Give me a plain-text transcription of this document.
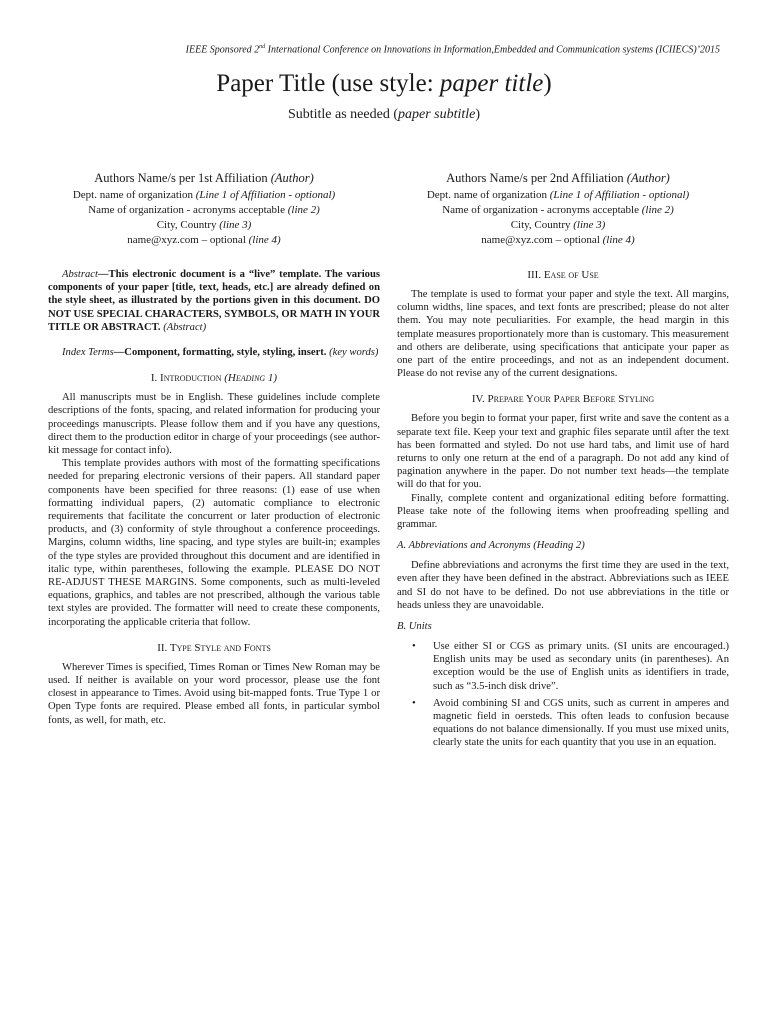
IEEE Sponsored 2nd International Conference on Innovations in Information,Embedded and Communication systems (ICIIECS)’2015
Paper Title (use style: paper title)
Subtitle as needed (paper subtitle)
Authors Name/s per 1st Affiliation (Author)
Dept. name of organization (Line 1 of Affiliation - optional)
Name of organization - acronyms acceptable (line 2)
City, Country (line 3)
name@xyz.com – optional (line 4)
Authors Name/s per 2nd Affiliation (Author)
Dept. name of organization (Line 1 of Affiliation - optional)
Name of organization - acronyms acceptable (line 2)
City, Country (line 3)
name@xyz.com – optional (line 4)

Abstract—This electronic document is a “live” template. The various components of your paper [title, text, heads, etc.] are already defined on the style sheet, as illustrated by the portions given in this document. DO NOT USE SPECIAL CHARACTERS, SYMBOLS, OR MATH IN YOUR TITLE OR ABSTRACT. (Abstract)

Index Terms—Component, formatting, style, styling, insert. (key words)

I. Introduction (Heading 1)

All manuscripts must be in English. These guidelines include complete descriptions of the fonts, spacing, and related information for producing your proceedings manuscripts. Please follow them and if you have any questions, direct them to the production editor in charge of your proceedings (see author-kit message for contact info).

This template provides authors with most of the formatting specifications needed for preparing electronic versions of their papers. All standard paper components have been specified for three reasons: (1) ease of use when formatting individual papers, (2) automatic compliance to electronic requirements that facilitate the concurrent or later production of electronic products, and (3) conformity of style throughout a conference proceedings. Margins, column widths, line spacing, and type styles are built-in; examples of the type styles are provided throughout this document and are identified in italic type, within parentheses, following the example. PLEASE DO NOT RE-ADJUST THESE MARGINS. Some components, such as multi-leveled equations, graphics, and tables are not prescribed, although the various table text styles are provided. The formatter will need to create these components, incorporating the applicable criteria that follow.

II. Type Style and Fonts

Wherever Times is specified, Times Roman or Times New Roman may be used. If neither is available on your word processor, please use the font closest in appearance to Times. Avoid using bit-mapped fonts. True Type 1 or Open Type fonts are required. Please embed all fonts, in particular symbol fonts, as well, for math, etc.

III. Ease of Use

The template is used to format your paper and style the text. All margins, column widths, line spaces, and text fonts are prescribed; please do not alter them. You may note peculiarities. For example, the head margin in this template measures proportionately more than is customary. This measurement and others are deliberate, using specifications that anticipate your paper as one part of the entire proceedings, and not as an independent document. Please do not revise any of the current designations.

IV. Prepare Your Paper Before Styling

Before you begin to format your paper, first write and save the content as a separate text file. Keep your text and graphic files separate until after the text has been formatted and styled. Do not use hard tabs, and limit use of hard returns to only one return at the end of a paragraph. Do not add any kind of pagination anywhere in the paper. Do not number text heads—the template will do that for you.

Finally, complete content and organizational editing before formatting. Please take note of the following items when proofreading spelling and grammar.

A. Abbreviations and Acronyms (Heading 2)

Define abbreviations and acronyms the first time they are used in the text, even after they have been defined in the abstract. Abbreviations such as IEEE and SI do not have to be defined. Do not use abbreviations in the title or heads unless they are unavoidable.

B. Units
• Use either SI or CGS as primary units. (SI units are encouraged.) English units may be used as secondary units (in parentheses). An exception would be the use of English units as identifiers in trade, such as “3.5-inch disk drive”.
• Avoid combining SI and CGS units, such as current in amperes and magnetic field in oersteds. This often leads to confusion because equations do not balance dimensionally. If you must use mixed units, clearly state the units for each quantity that you use in an equation.
